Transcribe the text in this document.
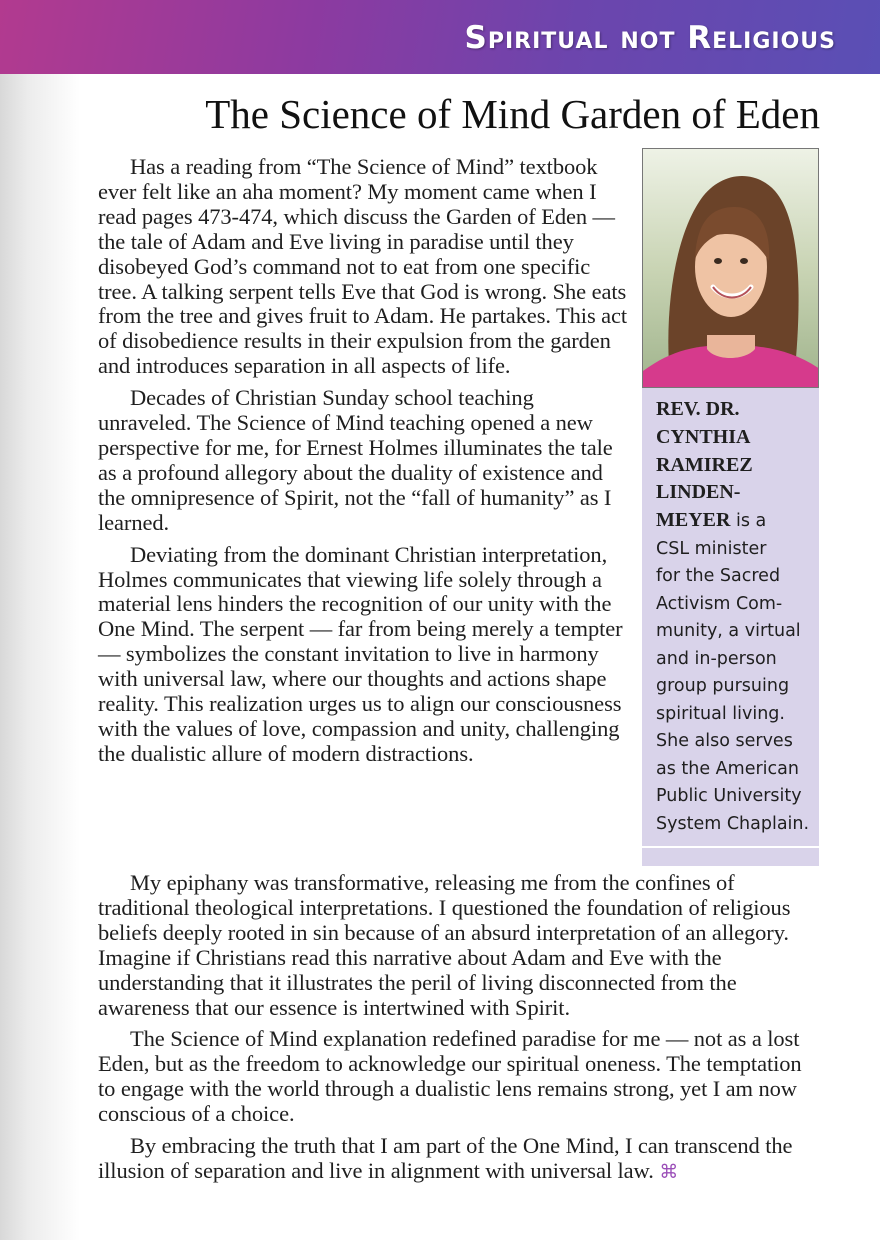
Spiritual not Religious
The Science of Mind Garden of Eden

Has a reading from “The Science of Mind” textbook ever felt like an aha moment? My moment came when I read pages 473-474, which discuss the Garden of Eden — the tale of Adam and Eve living in paradise until they disobeyed God’s command not to eat from one specific tree. A talking serpent tells Eve that God is wrong. She eats from the tree and gives fruit to Adam. He partakes. This act of disobedience results in their expulsion from the garden and introduces separation in all aspects of life.

Decades of Christian Sunday school teaching unraveled. The Science of Mind teaching opened a new perspective for me, for Ernest Holmes illuminates the tale as a profound allegory about the duality of existence and the omnipresence of Spirit, not the “fall of humanity” as I learned.

Deviating from the dominant Christian interpretation, Holmes communicates that viewing life solely through a material lens hinders the recognition of our unity with the One Mind. The serpent — far from being merely a tempter — symbolizes the constant invitation to live in harmony with universal law, where our thoughts and actions shape reality. This realization urges us to align our consciousness with the values of love, compassion and unity, challenging the dualistic allure of modern distractions.

REV. DR.
CYNTHIA
RAMIREZ
LINDEN-
MEYER is a
CSL minister
for the Sacred
Activism Com-
munity, a virtual
and in-person
group pursuing
spiritual living.
She also serves
as the American
Public University
System Chaplain.

My epiphany was transformative, releasing me from the confines of traditional theological interpretations. I questioned the foundation of religious beliefs deeply rooted in sin because of an absurd interpretation of an allegory. Imagine if Christians read this narrative about Adam and Eve with the understanding that it illustrates the peril of living disconnected from the awareness that our essence is intertwined with Spirit.

The Science of Mind explanation redefined paradise for me — not as a lost Eden, but as the freedom to acknowledge our spiritual oneness. The temptation to engage with the world through a dualistic lens remains strong, yet I am now conscious of a choice.

By embracing the truth that I am part of the One Mind, I can transcend the illusion of separation and live in alignment with universal law. ⌘
